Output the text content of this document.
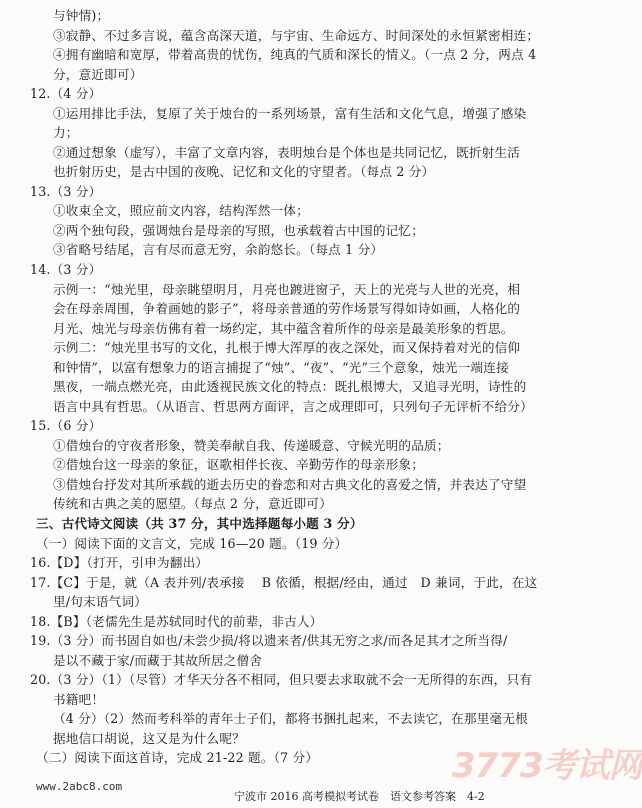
与钟情)；
③寂静、不过多言说，蕴含高深天道，与宇宙、生命远方、时间深处的永恒紧密相连；
④拥有幽暗和宽厚，带着高贵的忧伤，纯真的气质和深长的情义。（一点 2 分，两点 4
分，意近即可）
12.（4 分）
①运用排比手法，复原了关于烛台的一系列场景，富有生活和文化气息，增强了感染
力；
②通过想象（虚写），丰富了文章内容，表明烛台是个体也是共同记忆，既折射生活
也折射历史，是古中国的夜晚、记忆和文化的守望者。（每点 2 分）
13.（3 分）
①收束全文，照应前文内容，结构浑然一体；
②两个独句段，强调烛台是母亲的写照，也承载着古中国的记忆；
③省略号结尾，言有尽而意无穷，余韵悠长。（每点 1 分）
14.（3 分）
示例一：“烛光里，母亲眺望明月，月亮也踱进窗子，天上的光亮与人世的光亮，相
会在母亲周围，争着画她的影子”，将母亲普通的劳作场景写得如诗如画，人格化的
月光、烛光与母亲仿佛有着一场约定，其中蕴含着所作的母亲是最美形象的哲思。
示例二：“烛光里书写的文化，扎根于博大浑厚的夜之深处，而又保持着对光的信仰
和钟情”，以富有想象力的语言捕捉了“烛”、“夜”、“光”三个意象，烛光一端连接
黑夜，一端点燃光亮，由此透视民族文化的特点：既扎根博大，又追寻光明，诗性的
语言中具有哲思。（从语言、哲思两方面评，言之成理即可，只列句子无评析不给分）
15.（6 分）
①借烛台的守夜者形象，赞美奉献自我、传递暖意、守候光明的品质；
②借烛台这一母亲的象征，讴歌相伴长夜、辛勤劳作的母亲形象；
③借烛台抒发对其所承载的逝去历史的眷恋和对古典文化的喜爱之情，并表达了守望
传统和古典之美的愿望。（每点 2 分，意近即可）
三、古代诗文阅读（共 37 分，其中选择题每小题 3 分）
（一）阅读下面的文言文，完成 16—20 题。（19 分）
16.【D】（打开，引申为翻出）
17.【C】于是，就（A 表并列/表承接　 B 依循，根据/经由，通过　D 兼词，于此，在这
里/句末语气词）
18.【B】（老儒先生是苏轼同时代的前辈，非古人）
19.（3 分）而书固自如也/未尝少损/将以遗来者/供其无穷之求/而各足其才之所当得/
是以不藏于家/而藏于其故所居之僧舍
20.（3 分）（1）（尽管）才华天分各不相同，但只要去求取就不会一无所得的东西，只有
书籍吧！
（4 分）（2）然而考科举的青年士子们，都将书捆扎起来，不去读它，在那里毫无根
据地信口胡说，这又是为什么呢？
（二）阅读下面这首诗，完成 21-22 题。（7 分）	3773考试网
www.2abc8.com
宁波市 2016 高考模拟考试卷　语文参考答案　4-2
